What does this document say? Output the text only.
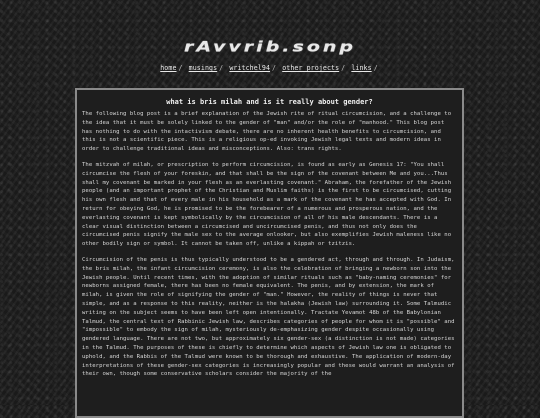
rAvvrib.sonp
home / musings / writchel94 / other projects / links /
what is bris milah and is it really about gender?

The following blog post is a brief explanation of the Jewish rite of ritual circumcision, and a challenge to the idea that it must be solely linked to the gender of "man" and/or the role of "manhood." This blog post has nothing to do with the intactivism debate, there are no inherent health benefits to circumcision, and this is not a scientific piece. This is a religious op-ed invoking Jewish legal texts and modern ideas in order to challenge traditional ideas and misconceptions. Also: trans rights.

The mitzvah of milah, or prescription to perform circumcision, is found as early as Genesis 17: "You shall circumcise the flesh of your foreskin, and that shall be the sign of the covenant between Me and you...Thus shall my covenant be marked in your flesh as an everlasting covenant." Abraham, the forefather of the Jewish people (and an important prophet of the Christian and Muslim faiths) is the first to be circumcised, cutting his own flesh and that of every male in his household as a mark of the covenant he has accepted with God. In return for obeying God, he is promised to be the forebearer of a numerous and prosperous nation, and the everlasting covenant is kept symbolically by the circumcision of all of his male descendants. There is a clear visual distinction between a circumcised and uncircumcised penis, and thus not only does the circumcised penis signify the male sex to the average onlooker, but also exemplifies Jewish maleness like no other bodily sign or symbol. It cannot be taken off, unlike a kippah or tzitzis.

Circumcision of the penis is thus typically understood to be a gendered act, through and through. In Judaism, the bris milah, the infant circumcision ceremony, is also the celebration of bringing a newborn son into the Jewish people. Until recent times, with the adoption of similar rituals such as "baby-naming ceremonies" for newborns assigned female, there has been no female equivalent. The penis, and by extension, the mark of milah, is given the role of signifying the gender of "man." However, the reality of things is never that simple, and as a response to this reality, neither is the halakha (Jewish law) surrounding it. Some Talmudic writing on the subject seems to have been left open intentionally. Tractate Yevamot 48b of the Babylonian Talmud, the central text of Rabbinic Jewish law, describes categories of people for whom it is "possible" and "impossible" to embody the sign of milah, mysteriously de-emphasizing gender despite occasionally using gendered language. There are not two, but approximately six gender-sex (a distinction is not made) categories in the Talmud. The purposes of these is chiefly to determine which aspects of Jewish law one is obligated to uphold, and the Rabbis of the Talmud were known to be thorough and exhaustive. The application of modern-day interpretations of these gender-sex categories is increasingly popular and these would warrant an analysis of their own, though some conservative scholars consider the majority of the
